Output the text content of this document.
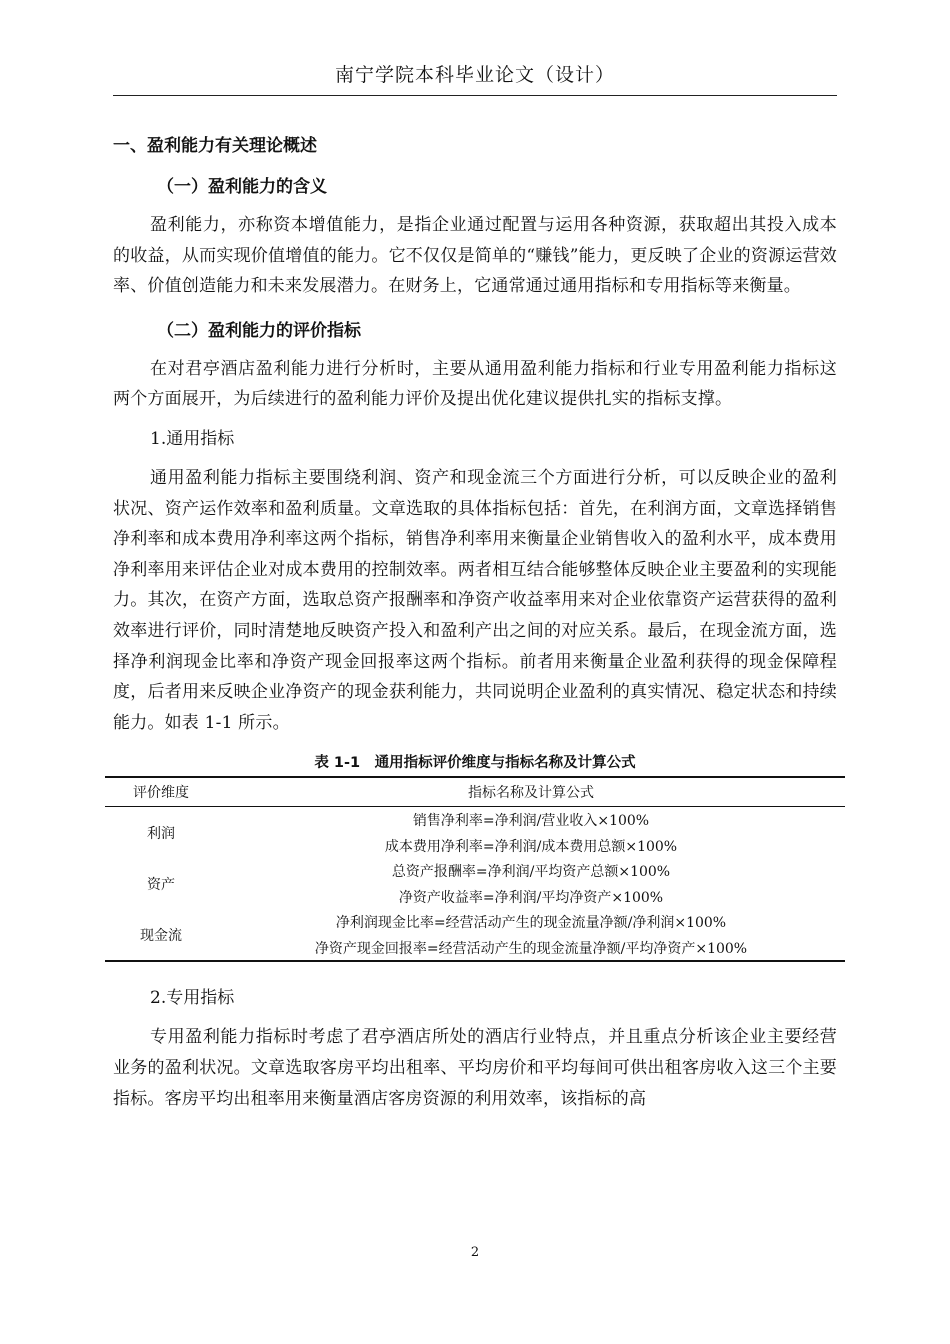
南宁学院本科毕业论文（设计）
一、盈利能力有关理论概述
（一）盈利能力的含义

盈利能力，亦称资本增值能力，是指企业通过配置与运用各种资源，获取超出其投入成本的收益，从而实现价值增值的能力。它不仅仅是简单的“赚钱”能力，更反映了企业的资源运营效率、价值创造能力和未来发展潜力。在财务上，它通常通过通用指标和专用指标等来衡量。

（二）盈利能力的评价指标

在对君亭酒店盈利能力进行分析时，主要从通用盈利能力指标和行业专用盈利能力指标这两个方面展开，为后续进行的盈利能力评价及提出优化建议提供扎实的指标支撑。

1.通用指标

通用盈利能力指标主要围绕利润、资产和现金流三个方面进行分析，可以反映企业的盈利状况、资产运作效率和盈利质量。文章选取的具体指标包括：首先，在利润方面，文章选择销售净利率和成本费用净利率这两个指标，销售净利率用来衡量企业销售收入的盈利水平，成本费用净利率用来评估企业对成本费用的控制效率。两者相互结合能够整体反映企业主要盈利的实现能力。其次，在资产方面，选取总资产报酬率和净资产收益率用来对企业依靠资产运营获得的盈利效率进行评价，同时清楚地反映资产投入和盈利产出之间的对应关系。最后，在现金流方面，选择净利润现金比率和净资产现金回报率这两个指标。前者用来衡量企业盈利获得的现金保障程度，后者用来反映企业净资产的现金获利能力，共同说明企业盈利的真实情况、稳定状态和持续能力。如表 1-1 所示。

表 1-1　通用指标评价维度与指标名称及计算公式
评价维度	指标名称及计算公式
利润	销售净利率=净利润/营业收入×100%
	成本费用净利率=净利润/成本费用总额×100%
资产	总资产报酬率=净利润/平均资产总额×100%
	净资产收益率=净利润/平均净资产×100%
现金流	净利润现金比率=经营活动产生的现金流量净额/净利润×100%
	净资产现金回报率=经营活动产生的现金流量净额/平均净资产×100%

2.专用指标

专用盈利能力指标时考虑了君亭酒店所处的酒店行业特点，并且重点分析该企业主要经营业务的盈利状况。文章选取客房平均出租率、平均房价和平均每间可供出租客房收入这三个主要指标。客房平均出租率用来衡量酒店客房资源的利用效率，该指标的高

2
